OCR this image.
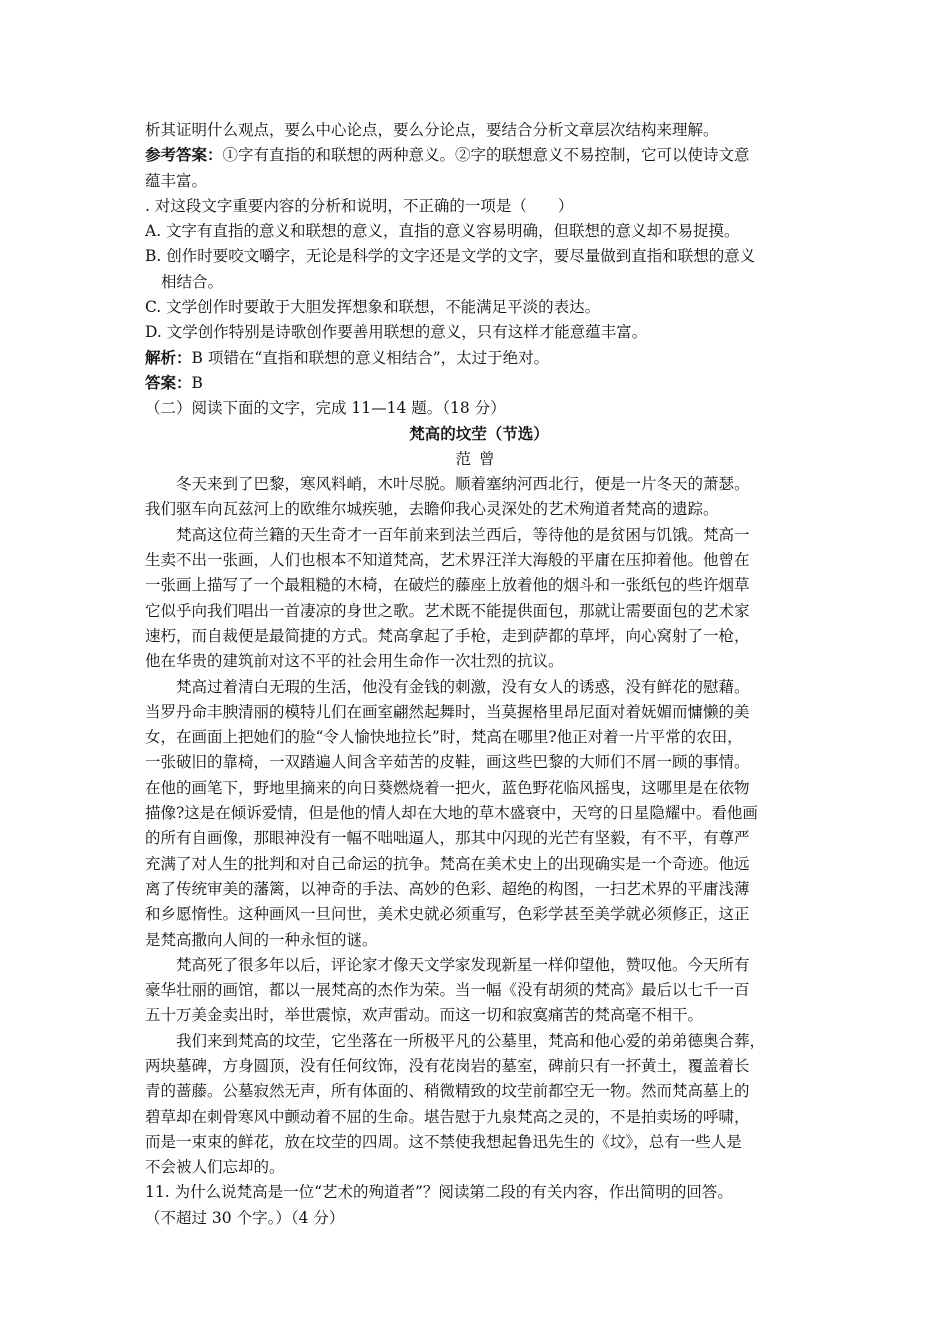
析其证明什么观点，要么中心论点，要么分论点，要结合分析文章层次结构来理解。
参考答案：①字有直指的和联想的两种意义。②字的联想意义不易控制，它可以使诗文意
蕴丰富。
. 对这段文字重要内容的分析和说明，不正确的一项是（　　）
A. 文字有直指的意义和联想的意义，直指的意义容易明确，但联想的意义却不易捉摸。
B. 创作时要咬文嚼字，无论是科学的文字还是文学的文字，要尽量做到直指和联想的意义
相结合。
C. 文学创作时要敢于大胆发挥想象和联想，不能满足平淡的表达。
D. 文学创作特别是诗歌创作要善用联想的意义，只有这样才能意蕴丰富。
解析：B 项错在“直指和联想的意义相结合”，太过于绝对。
答案：B
（二）阅读下面的文字，完成 11—14 题。（18 分）
梵高的坟茔（节选）
范曾
冬天来到了巴黎，寒风料峭，木叶尽脱。顺着塞纳河西北行，便是一片冬天的萧瑟。
我们驱车向瓦兹河上的欧维尔城疾驰，去瞻仰我心灵深处的艺术殉道者梵高的遗踪。
梵高这位荷兰籍的天生奇才一百年前来到法兰西后，等待他的是贫困与饥饿。梵高一
生卖不出一张画，人们也根本不知道梵高，艺术界汪洋大海般的平庸在压抑着他。他曾在
一张画上描写了一个最粗糙的木椅，在破烂的藤座上放着他的烟斗和一张纸包的些许烟草
它似乎向我们唱出一首凄凉的身世之歌。艺术既不能提供面包，那就让需要面包的艺术家
速朽，而自裁便是最简捷的方式。梵高拿起了手枪，走到萨都的草坪，向心窝射了一枪，
他在华贵的建筑前对这不平的社会用生命作一次壮烈的抗议。
梵高过着清白无瑕的生活，他没有金钱的刺激，没有女人的诱惑，没有鲜花的慰藉。
当罗丹命丰腴清丽的模特儿们在画室翩然起舞时，当莫握格里昂尼面对着妩媚而慵懒的美
女，在画面上把她们的脸“令人愉快地拉长”时，梵高在哪里?他正对着一片平常的农田，
一张破旧的靠椅，一双踏遍人间含辛茹苦的皮鞋，画这些巴黎的大师们不屑一顾的事情。
在他的画笔下，野地里摘来的向日葵燃烧着一把火，蓝色野花临风摇曳，这哪里是在依物
描像?这是在倾诉爱情，但是他的情人却在大地的草木盛衰中，天穹的日星隐耀中。看他画
的所有自画像，那眼神没有一幅不咄咄逼人，那其中闪现的光芒有坚毅，有不平，有尊严
充满了对人生的批判和对自己命运的抗争。梵高在美术史上的出现确实是一个奇迹。他远
离了传统审美的藩篱，以神奇的手法、高妙的色彩、超绝的构图，一扫艺术界的平庸浅薄
和乡愿惰性。这种画风一旦问世，美术史就必须重写，色彩学甚至美学就必须修正，这正
是梵高撒向人间的一种永恒的谜。
梵高死了很多年以后，评论家才像天文学家发现新星一样仰望他，赞叹他。今天所有
豪华壮丽的画馆，都以一展梵高的杰作为荣。当一幅《没有胡须的梵高》最后以七千一百
五十万美金卖出时，举世震惊，欢声雷动。而这一切和寂寞痛苦的梵高毫不相干。
我们来到梵高的坟茔，它坐落在一所极平凡的公墓里，梵高和他心爱的弟弟德奥合葬，
两块墓碑，方身圆顶，没有任何纹饰，没有花岗岩的墓室，碑前只有一抔黄土，覆盖着长
青的蔷藤。公墓寂然无声，所有体面的、稍微精致的坟茔前都空无一物。然而梵高墓上的
碧草却在刺骨寒风中颤动着不屈的生命。堪告慰于九泉梵高之灵的，不是拍卖场的呼啸，
而是一束束的鲜花，放在坟茔的四周。这不禁使我想起鲁迅先生的《坟》，总有一些人是
不会被人们忘却的。
11. 为什么说梵高是一位“艺术的殉道者”？阅读第二段的有关内容，作出简明的回答。
（不超过 30 个字。）（4 分）
